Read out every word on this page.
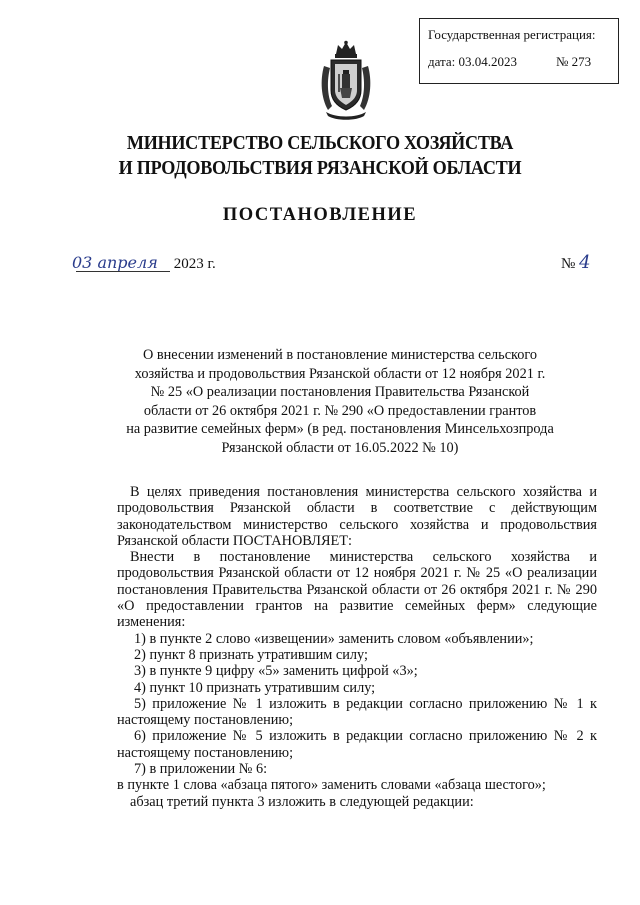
Государственная регистрация:
дата: 03.04.2023	№ 273
МИНИСТЕРСТВО СЕЛЬСКОГО ХОЗЯЙСТВА
И ПРОДОВОЛЬСТВИЯ РЯЗАНСКОЙ ОБЛАСТИ
ПОСТАНОВЛЕНИЕ
03 апреля 2023 г.	№ 4
О внесении изменений в постановление министерства сельского
хозяйства и продовольствия Рязанской области от 12 ноября 2021 г.
№ 25 «О реализации постановления Правительства Рязанской
области от 26 октября 2021 г. № 290 «О предоставлении грантов
на развитие семейных ферм» (в ред. постановления Минсельхозпрода
Рязанской области от 16.05.2022 № 10)

В целях приведения постановления министерства сельского хозяйства и продовольствия Рязанской области в соответствие с действующим законодательством министерство сельского хозяйства и продовольствия Рязанской области ПОСТАНОВЛЯЕТ:

Внести в постановление министерства сельского хозяйства и продовольствия Рязанской области от 12 ноября 2021 г. № 25 «О реализации постановления Правительства Рязанской области от 26 октября 2021 г. № 290 «О предоставлении грантов на развитие семейных ферм» следующие изменения:

1) в пункте 2 слово «извещении» заменить словом «объявлении»;

2) пункт 8 признать утратившим силу;

3) в пункте 9 цифру «5» заменить цифрой «3»;

4) пункт 10 признать утратившим силу;

5) приложение № 1 изложить в редакции согласно приложению № 1 к настоящему постановлению;

6) приложение № 5 изложить в редакции согласно приложению № 2 к настоящему постановлению;

7) в приложении № 6:

в пункте 1 слова «абзаца пятого» заменить словами «абзаца шестого»;

абзац третий пункта 3 изложить в следующей редакции:
